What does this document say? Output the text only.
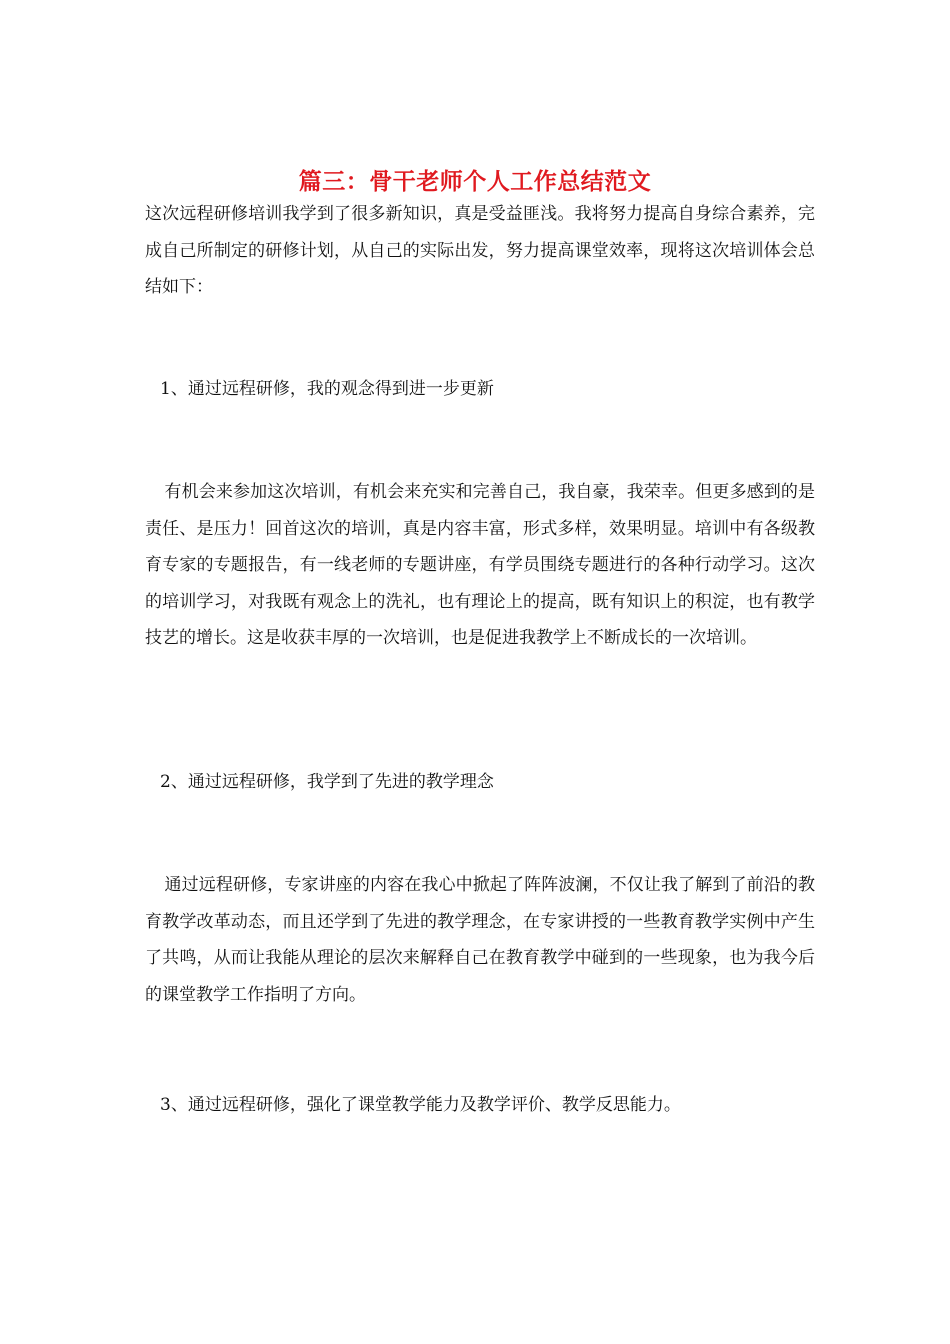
篇三：骨干老师个人工作总结范文

这次远程研修培训我学到了很多新知识，真是受益匪浅。我将努力提高自身综合素养，完成自己所制定的研修计划，从自己的实际出发，努力提高课堂效率，现将这次培训体会总结如下：

1、通过远程研修，我的观念得到进一步更新

有机会来参加这次培训，有机会来充实和完善自己，我自豪，我荣幸。但更多感到的是责任、是压力！回首这次的培训，真是内容丰富，形式多样，效果明显。培训中有各级教育专家的专题报告，有一线老师的专题讲座，有学员围绕专题进行的各种行动学习。这次的培训学习，对我既有观念上的洗礼，也有理论上的提高，既有知识上的积淀，也有教学技艺的增长。这是收获丰厚的一次培训，也是促进我教学上不断成长的一次培训。

2、通过远程研修，我学到了先进的教学理念

通过远程研修，专家讲座的内容在我心中掀起了阵阵波澜，不仅让我了解到了前沿的教育教学改革动态，而且还学到了先进的教学理念，在专家讲授的一些教育教学实例中产生了共鸣，从而让我能从理论的层次来解释自己在教育教学中碰到的一些现象，也为我今后的课堂教学工作指明了方向。

3、通过远程研修，强化了课堂教学能力及教学评价、教学反思能力。
